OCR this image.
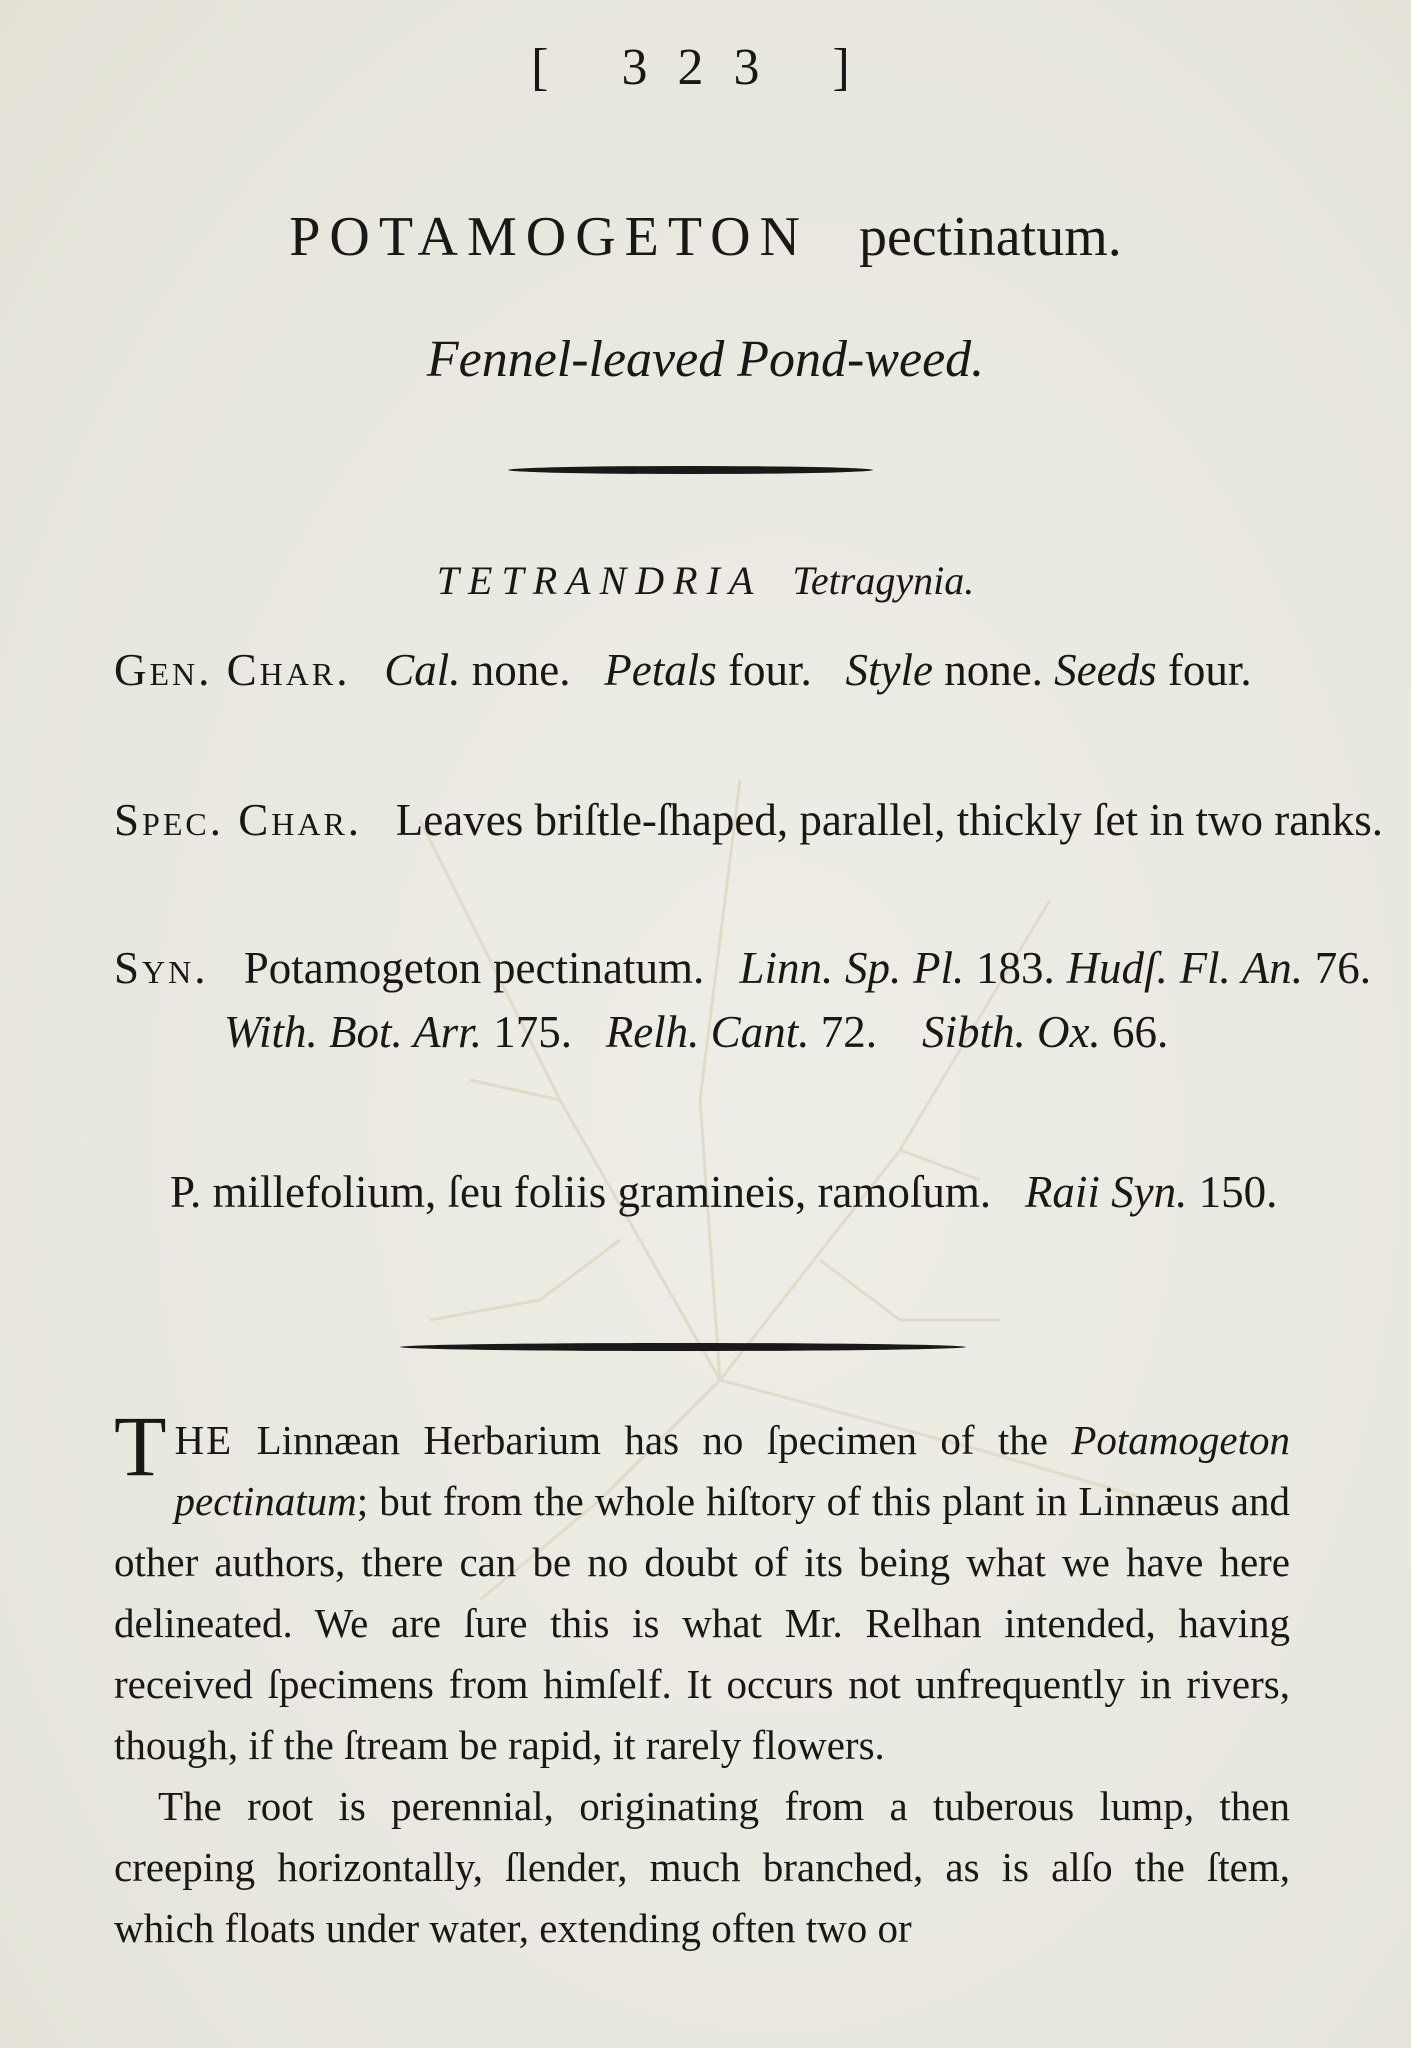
[ 323 ]
POTAMOGETON pectinatum.
Fennel-leaved Pond-weed.
TETRANDRIA Tetragynia.
Gen. Char. Cal. none. Petals four. Style none. Seeds four.
Spec. Char. Leaves briſtle-ſhaped, parallel, thickly ſet in two ranks.
Syn. Potamogeton pectinatum. Linn. Sp. Pl. 183. Hudſ. Fl. An. 76.   With. Bot. Arr. 175. Relh. Cant. 72. Sibth. Ox. 66.
P. millefolium, ſeu foliis gramineis, ramoſum. Raii Syn. 150.

THE Linnæan Herbarium has no ſpecimen of the Potamogeton pectinatum; but from the whole hiſtory of this plant in Linnæus and other authors, there can be no doubt of its being what we have here delineated. We are ſure this is what Mr. Relhan intended, having received ſpecimens from himſelf. It occurs not unfrequently in rivers, though, if the ſtream be rapid, it rarely flowers.

The root is perennial, originating from a tuberous lump, then creeping horizontally, ſlender, much branched, as is alſo the ſtem, which floats under water, extending often two or
